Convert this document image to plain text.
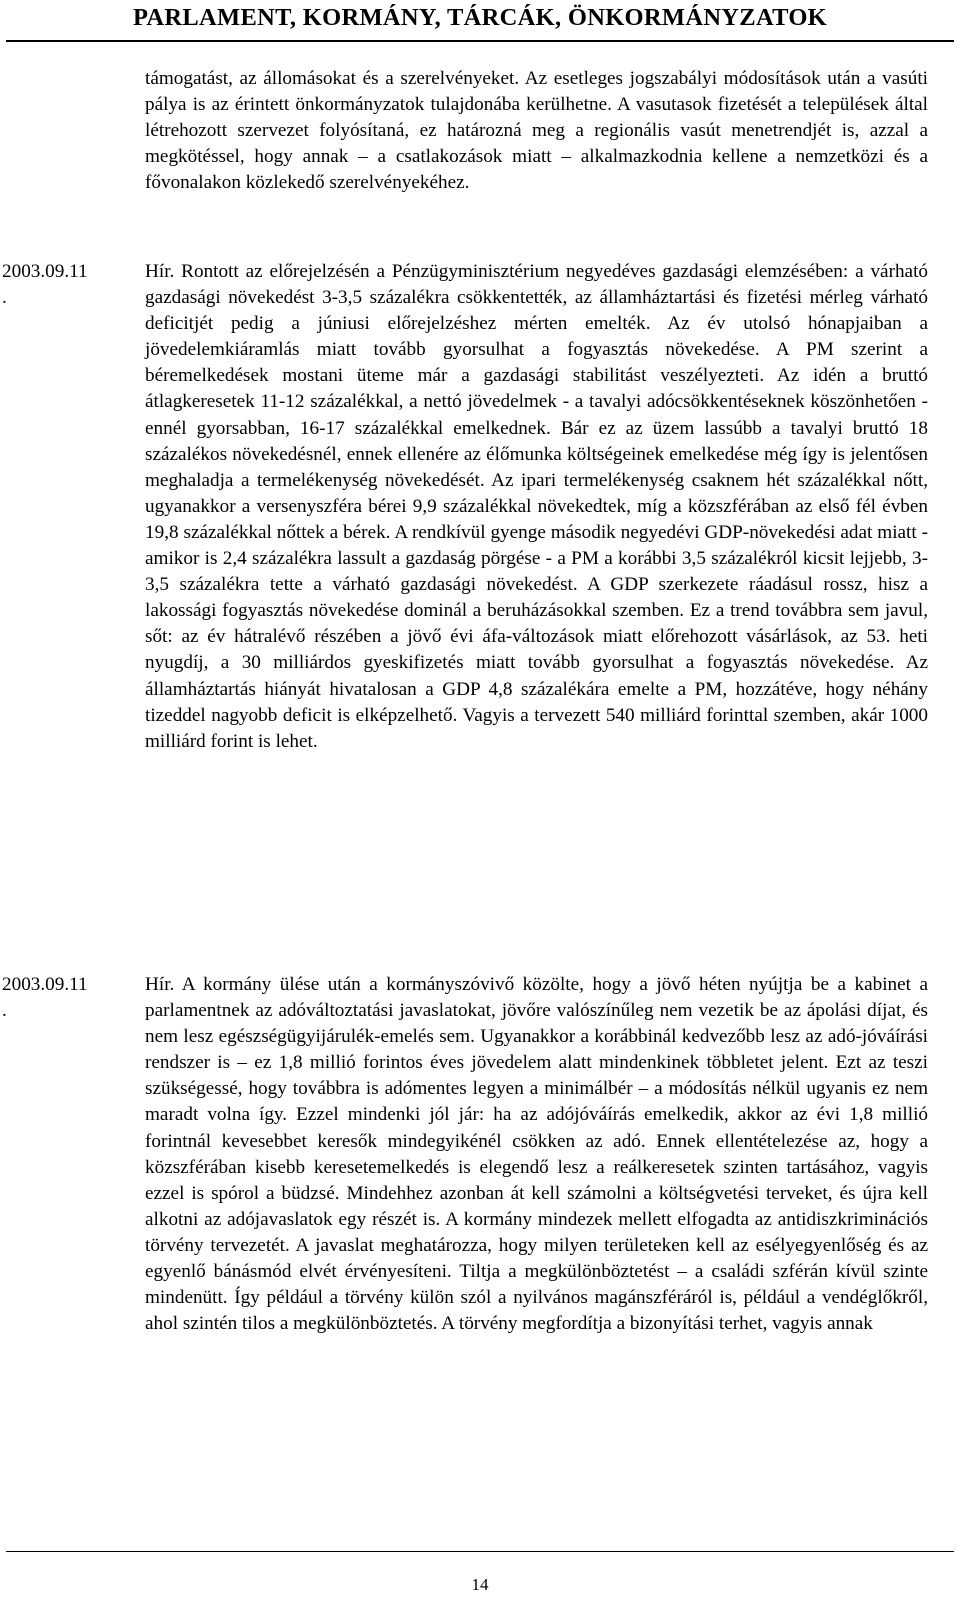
PARLAMENT, KORMÁNY, TÁRCÁK, ÖNKORMÁNYZATOK
támogatást, az állomásokat és a szerelvényeket. Az esetleges jogszabályi módosítások után a vasúti pálya is az érintett önkormányzatok tulajdonába kerülhetne. A vasutasok fizetését a települések által létrehozott szervezet folyósítaná, ez határozná meg a regionális vasút menetrendjét is, azzal a megkötéssel, hogy annak – a csatlakozások miatt – alkalmazkodnia kellene a nemzetközi és a fővonalakon közlekedő szerelvényekéhez.
2003.09.11
.
Hír. Rontott az előrejelzésén a Pénzügyminisztérium negyedéves gazdasági elemzésében: a várható gazdasági növekedést 3-3,5 százalékra csökkentették, az államháztartási és fizetési mérleg várható deficitjét pedig a júniusi előrejelzéshez mérten emelték. Az év utolsó hónapjaiban a jövedelemkiáramlás miatt tovább gyorsulhat a fogyasztás növekedése. A PM szerint a béremelkedések mostani üteme már a gazdasági stabilitást veszélyezteti. Az idén a bruttó átlagkeresetek 11-12 százalékkal, a nettó jövedelmek - a tavalyi adócsökkentéseknek köszönhetően - ennél gyorsabban, 16-17 százalékkal emelkednek. Bár ez az üzem lassúbb a tavalyi bruttó 18 százalékos növekedésnél, ennek ellenére az élőmunka költségeinek emelkedése még így is jelentősen meghaladja a termelékenység növekedését. Az ipari termelékenység csaknem hét százalékkal nőtt, ugyanakkor a versenyszféra bérei 9,9 százalékkal növekedtek, míg a közszférában az első fél évben 19,8 százalékkal nőttek a bérek. A rendkívül gyenge második negyedévi GDP-növekedési adat miatt - amikor is 2,4 százalékra lassult a gazdaság pörgése - a PM a korábbi 3,5 százalékról kicsit lejjebb, 3-3,5 százalékra tette a várható gazdasági növekedést. A GDP szerkezete ráadásul rossz, hisz a lakossági fogyasztás növekedése dominál a beruházásokkal szemben. Ez a trend továbbra sem javul, sőt: az év hátralévő részében a jövő évi áfa-változások miatt előrehozott vásárlások, az 53. heti nyugdíj, a 30 milliárdos gyeskifizetés miatt tovább gyorsulhat a fogyasztás növekedése. Az államháztartás hiányát hivatalosan a GDP 4,8 százalékára emelte a PM, hozzátéve, hogy néhány tizeddel nagyobb deficit is elképzelhető. Vagyis a tervezett 540 milliárd forinttal szemben, akár 1000 milliárd forint is lehet.
2003.09.11
.
Hír. A kormány ülése után a kormányszóvivő közölte, hogy a jövő héten nyújtja be a kabinet a parlamentnek az adóváltoztatási javaslatokat, jövőre valószínűleg nem vezetik be az ápolási díjat, és nem lesz egészségügyijárulék-emelés sem. Ugyanakkor a korábbinál kedvezőbb lesz az adó-jóváírási rendszer is – ez 1,8 millió forintos éves jövedelem alatt mindenkinek többletet jelent. Ezt az teszi szükségessé, hogy továbbra is adómentes legyen a minimálbér – a módosítás nélkül ugyanis ez nem maradt volna így. Ezzel mindenki jól jár: ha az adójóváírás emelkedik, akkor az évi 1,8 millió forintnál kevesebbet keresők mindegyikénél csökken az adó. Ennek ellentételezése az, hogy a közszférában kisebb keresetemelkedés is elegendő lesz a reálkeresetek szinten tartásához, vagyis ezzel is spórol a büdzsé. Mindehhez azonban át kell számolni a költségvetési terveket, és újra kell alkotni az adójavaslatok egy részét is. A kormány mindezek mellett elfogadta az antidiszkriminációs törvény tervezetét. A javaslat meghatározza, hogy milyen területeken kell az esélyegyenlőség és az egyenlő bánásmód elvét érvényesíteni. Tiltja a megkülönböztetést – a családi szférán kívül szinte mindenütt. Így például a törvény külön szól a nyilvános magánszféráról is, például a vendéglőkről, ahol szintén tilos a megkülönböztetés. A törvény megfordítja a bizonyítási terhet, vagyis annak
14
